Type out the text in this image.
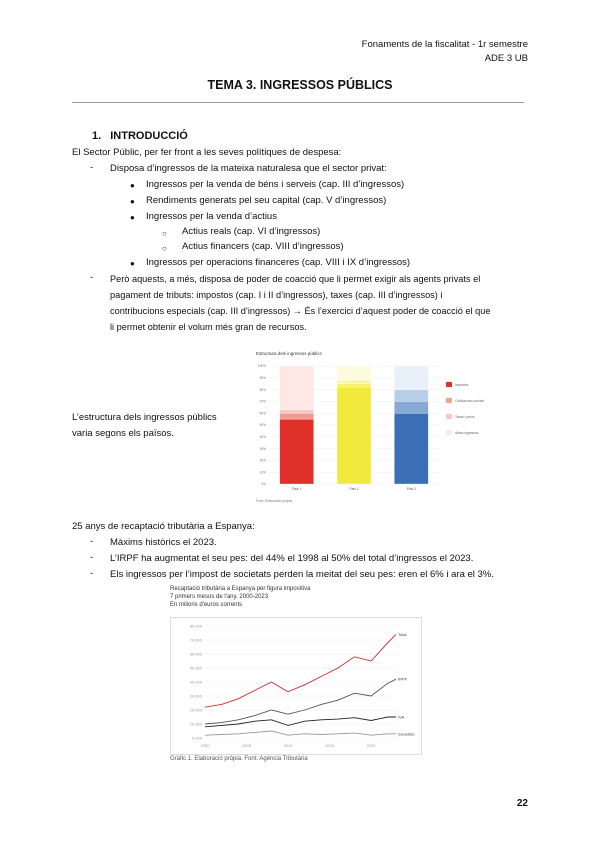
Fonaments de la fiscalitat - 1r semestre
ADE 3 UB
TEMA 3. INGRESSOS PÚBLICS
1. INTRODUCCIÓ
El Sector Públic, per fer front a les seves polítiques de despesa:
- Disposa d’ingressos de la mateixa naturalesa que el sector privat:
● Ingressos per la venda de béns i serveis (cap. III d’ingressos)
● Rendiments generats pel seu capital (cap. V d’ingressos)
● Ingressos per la venda d’actius
○ Actius reals (cap. VI d’ingressos)
○ Actius financers (cap. VIII d’ingressos)
● Ingressos per operacions financeres (cap. VIII i IX d’ingressos)
- Però aquests, a més, disposa de poder de coacció que li permet exigir als agents privats el
pagament de tributs: impostos (cap. I i II d’ingressos), taxes (cap. III d’ingressos) i
contribucions especials (cap. III d’ingressos) → És l’exercici d’aquest poder de coacció el que
li permet obtenir el volum més gran de recursos.
L’estructura dels ingressos públics
varia segons els països.
Estructura dels ingressos públics
0%
10%
20%
30%
40%
50%
60%
70%
80%
90%
100%
País 1	País 2	País 3
Impostos
Cotitzacions socials
Taxes i preus
Altres ingressos
Font: Elaboració pròpia
25 anys de recaptació tributària a Espanya:
- Màxims històrics el 2023.
- L’IRPF ha augmentat el seu pes: del 44% el 1998 al 50% del total d’ingressos el 2023.
- Els ingressos per l’impost de societats perden la meitat del seu pes: eren el 6% i ara el 3%.
Recaptació tributària a Espanya per figura impositiva
7 primers mesos de l'any. 2000-2023
En milions d'euros corrents
0.000
10.000
20.000
30.000
40.000
50.000
60.000
70.000
80.000
2000	2005	2010	2015	2020
Total
IRPF
IVA
Societats
Gràfic 1. Elaboració pròpia. Font: Agència Tributària
22
